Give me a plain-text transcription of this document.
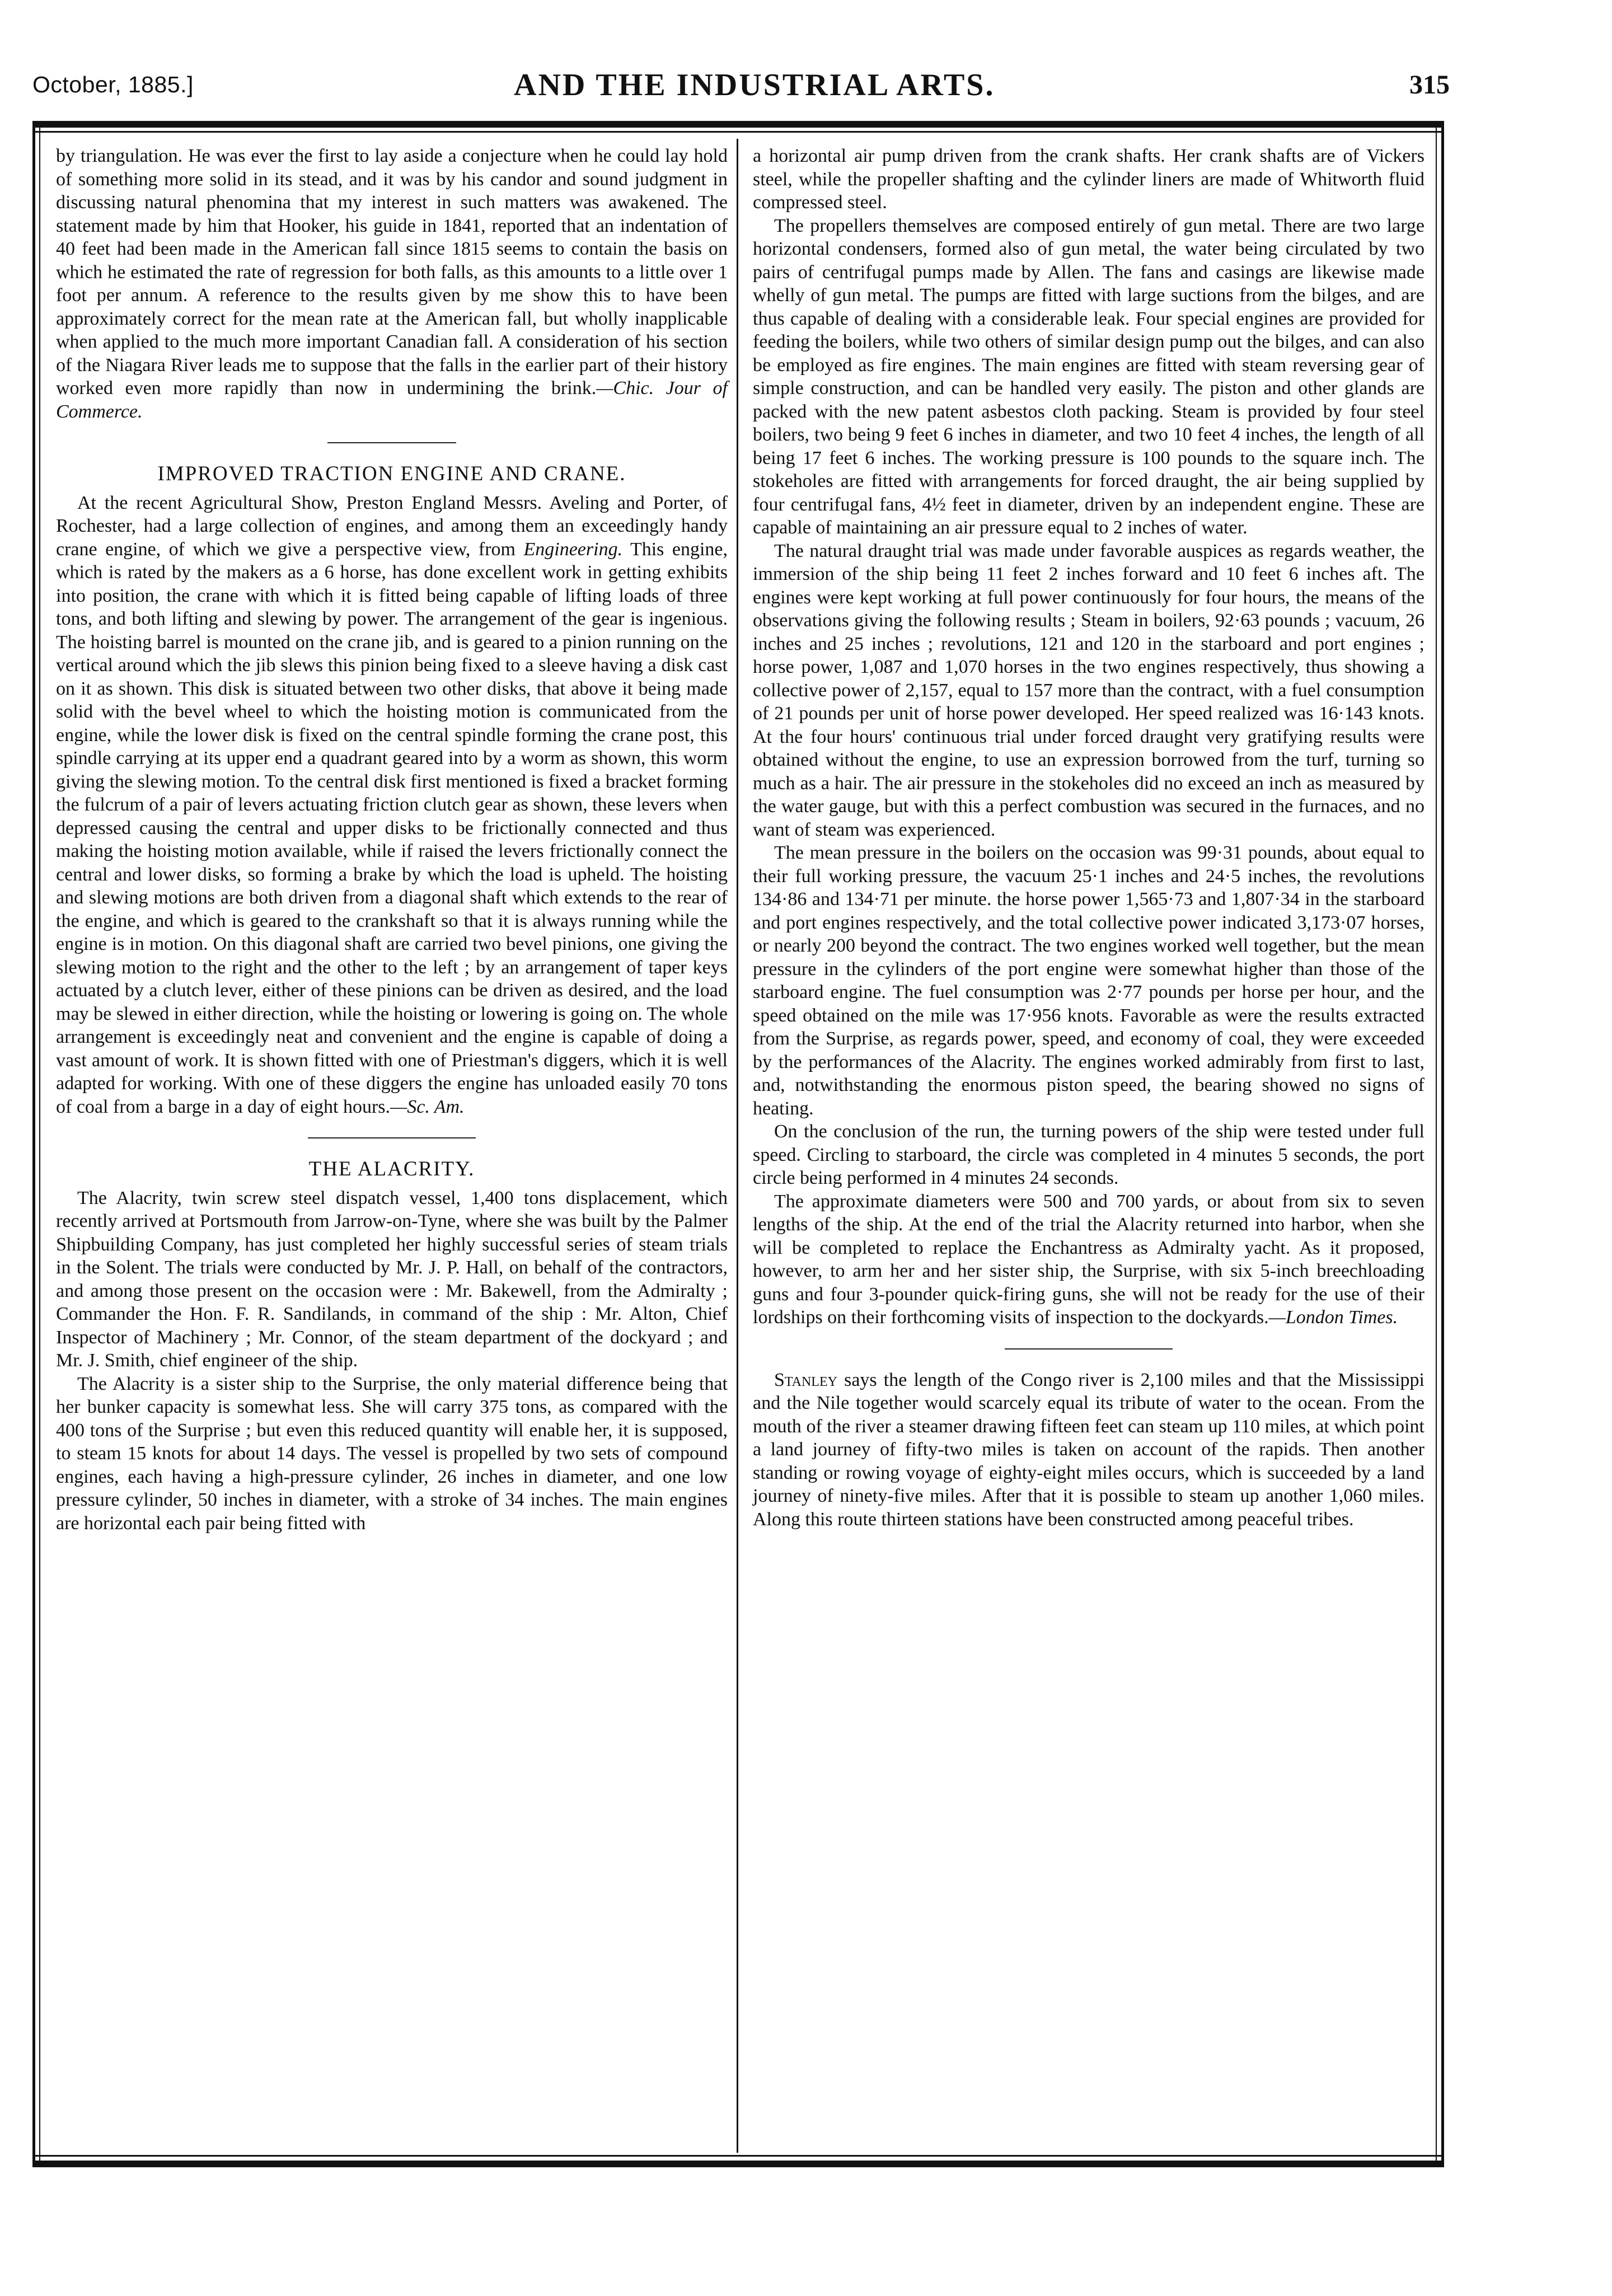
October, 1885.]	AND THE INDUSTRIAL ARTS.	315

by triangulation. He was ever the first to lay aside a conjecture when he could lay hold of something more solid in its stead, and it was by his candor and sound judgment in discussing natural phenomina that my interest in such matters was awakened. The statement made by him that Hooker, his guide in 1841, reported that an indentation of 40 feet had been made in the American fall since 1815 seems to contain the basis on which he estimated the rate of regression for both falls, as this amounts to a little over 1 foot per annum. A reference to the results given by me show this to have been approximately correct for the mean rate at the American fall, but wholly inapplicable when applied to the much more important Canadian fall. A consideration of his section of the Niagara River leads me to suppose that the falls in the earlier part of their history worked even more rapidly than now in undermining the brink.—Chic. Jour of Commerce.

IMPROVED TRACTION ENGINE AND CRANE.

At the recent Agricultural Show, Preston England Messrs. Aveling and Porter, of Rochester, had a large collection of engines, and among them an exceedingly handy crane engine, of which we give a perspective view, from Engineering. This engine, which is rated by the makers as a 6 horse, has done excellent work in getting exhibits into position, the crane with which it is fitted being capable of lifting loads of three tons, and both lifting and slewing by power. The arrangement of the gear is ingenious. The hoisting barrel is mounted on the crane jib, and is geared to a pinion running on the vertical around which the jib slews this pinion being fixed to a sleeve having a disk cast on it as shown. This disk is situated between two other disks, that above it being made solid with the bevel wheel to which the hoisting motion is communicated from the engine, while the lower disk is fixed on the central spindle forming the crane post, this spindle carrying at its upper end a quadrant geared into by a worm as shown, this worm giving the slewing motion. To the central disk first mentioned is fixed a bracket forming the fulcrum of a pair of levers actuating friction clutch gear as shown, these levers when depressed causing the central and upper disks to be frictionally connected and thus making the hoisting motion available, while if raised the levers frictionally connect the central and lower disks, so forming a brake by which the load is upheld. The hoisting and slewing motions are both driven from a diagonal shaft which extends to the rear of the engine, and which is geared to the crankshaft so that it is always running while the engine is in motion. On this diagonal shaft are carried two bevel pinions, one giving the slewing motion to the right and the other to the left ; by an arrangement of taper keys actuated by a clutch lever, either of these pinions can be driven as desired, and the load may be slewed in either direction, while the hoisting or lowering is going on. The whole arrangement is exceedingly neat and convenient and the engine is capable of doing a vast amount of work. It is shown fitted with one of Priestman's diggers, which it is well adapted for working. With one of these diggers the engine has unloaded easily 70 tons of coal from a barge in a day of eight hours.—Sc. Am.

THE ALACRITY.

The Alacrity, twin screw steel dispatch vessel, 1,400 tons displacement, which recently arrived at Portsmouth from Jarrow-on-Tyne, where she was built by the Palmer Shipbuilding Company, has just completed her highly successful series of steam trials in the Solent. The trials were conducted by Mr. J. P. Hall, on behalf of the contractors, and among those present on the occasion were : Mr. Bakewell, from the Admiralty ; Commander the Hon. F. R. Sandilands, in command of the ship : Mr. Alton, Chief Inspector of Machinery ; Mr. Connor, of the steam department of the dockyard ; and Mr. J. Smith, chief engineer of the ship.

The Alacrity is a sister ship to the Surprise, the only material difference being that her bunker capacity is somewhat less. She will carry 375 tons, as compared with the 400 tons of the Surprise ; but even this reduced quantity will enable her, it is supposed, to steam 15 knots for about 14 days. The vessel is propelled by two sets of compound engines, each having a high-pressure cylinder, 26 inches in diameter, and one low pressure cylinder, 50 inches in diameter, with a stroke of 34 inches. The main engines are horizontal each pair being fitted with

a horizontal air pump driven from the crank shafts. Her crank shafts are of Vickers steel, while the propeller shafting and the cylinder liners are made of Whitworth fluid compressed steel.

The propellers themselves are composed entirely of gun metal. There are two large horizontal condensers, formed also of gun metal, the water being circulated by two pairs of centrifugal pumps made by Allen. The fans and casings are likewise made whelly of gun metal. The pumps are fitted with large suctions from the bilges, and are thus capable of dealing with a considerable leak. Four special engines are provided for feeding the boilers, while two others of similar design pump out the bilges, and can also be employed as fire engines. The main engines are fitted with steam reversing gear of simple construction, and can be handled very easily. The piston and other glands are packed with the new patent asbestos cloth packing. Steam is provided by four steel boilers, two being 9 feet 6 inches in diameter, and two 10 feet 4 inches, the length of all being 17 feet 6 inches. The working pressure is 100 pounds to the square inch. The stokeholes are fitted with arrangements for forced draught, the air being supplied by four centrifugal fans, 4½ feet in diameter, driven by an independent engine. These are capable of maintaining an air pressure equal to 2 inches of water.

The natural draught trial was made under favorable auspices as regards weather, the immersion of the ship being 11 feet 2 inches forward and 10 feet 6 inches aft. The engines were kept working at full power continuously for four hours, the means of the observations giving the following results ; Steam in boilers, 92·63 pounds ; vacuum, 26 inches and 25 inches ; revolutions, 121 and 120 in the starboard and port engines ; horse power, 1,087 and 1,070 horses in the two engines respectively, thus showing a collective power of 2,157, equal to 157 more than the contract, with a fuel consumption of 21 pounds per unit of horse power developed. Her speed realized was 16·143 knots. At the four hours' continuous trial under forced draught very gratifying results were obtained without the engine, to use an expression borrowed from the turf, turning so much as a hair. The air pressure in the stokeholes did no exceed an inch as measured by the water gauge, but with this a perfect combustion was secured in the furnaces, and no want of steam was experienced.

The mean pressure in the boilers on the occasion was 99·31 pounds, about equal to their full working pressure, the vacuum 25·1 inches and 24·5 inches, the revolutions 134·86 and 134·71 per minute. the horse power 1,565·73 and 1,807·34 in the starboard and port engines respectively, and the total collective power indicated 3,173·07 horses, or nearly 200 beyond the contract. The two engines worked well together, but the mean pressure in the cylinders of the port engine were somewhat higher than those of the starboard engine. The fuel consumption was 2·77 pounds per horse per hour, and the speed obtained on the mile was 17·956 knots. Favorable as were the results extracted from the Surprise, as regards power, speed, and economy of coal, they were exceeded by the performances of the Alacrity. The engines worked admirably from first to last, and, notwithstanding the enormous piston speed, the bearing showed no signs of heating.

On the conclusion of the run, the turning powers of the ship were tested under full speed. Circling to starboard, the circle was completed in 4 minutes 5 seconds, the port circle being performed in 4 minutes 24 seconds.

The approximate diameters were 500 and 700 yards, or about from six to seven lengths of the ship. At the end of the trial the Alacrity returned into harbor, when she will be completed to replace the Enchantress as Admiralty yacht. As it proposed, however, to arm her and her sister ship, the Surprise, with six 5-inch breechloading guns and four 3-pounder quick-firing guns, she will not be ready for the use of their lordships on their forthcoming visits of inspection to the dockyards.—London Times.

Stanley says the length of the Congo river is 2,100 miles and that the Mississippi and the Nile together would scarcely equal its tribute of water to the ocean. From the mouth of the river a steamer drawing fifteen feet can steam up 110 miles, at which point a land journey of fifty-two miles is taken on account of the rapids. Then another standing or rowing voyage of eighty-eight miles occurs, which is succeeded by a land journey of ninety-five miles. After that it is possible to steam up another 1,060 miles. Along this route thirteen stations have been constructed among peaceful tribes.
